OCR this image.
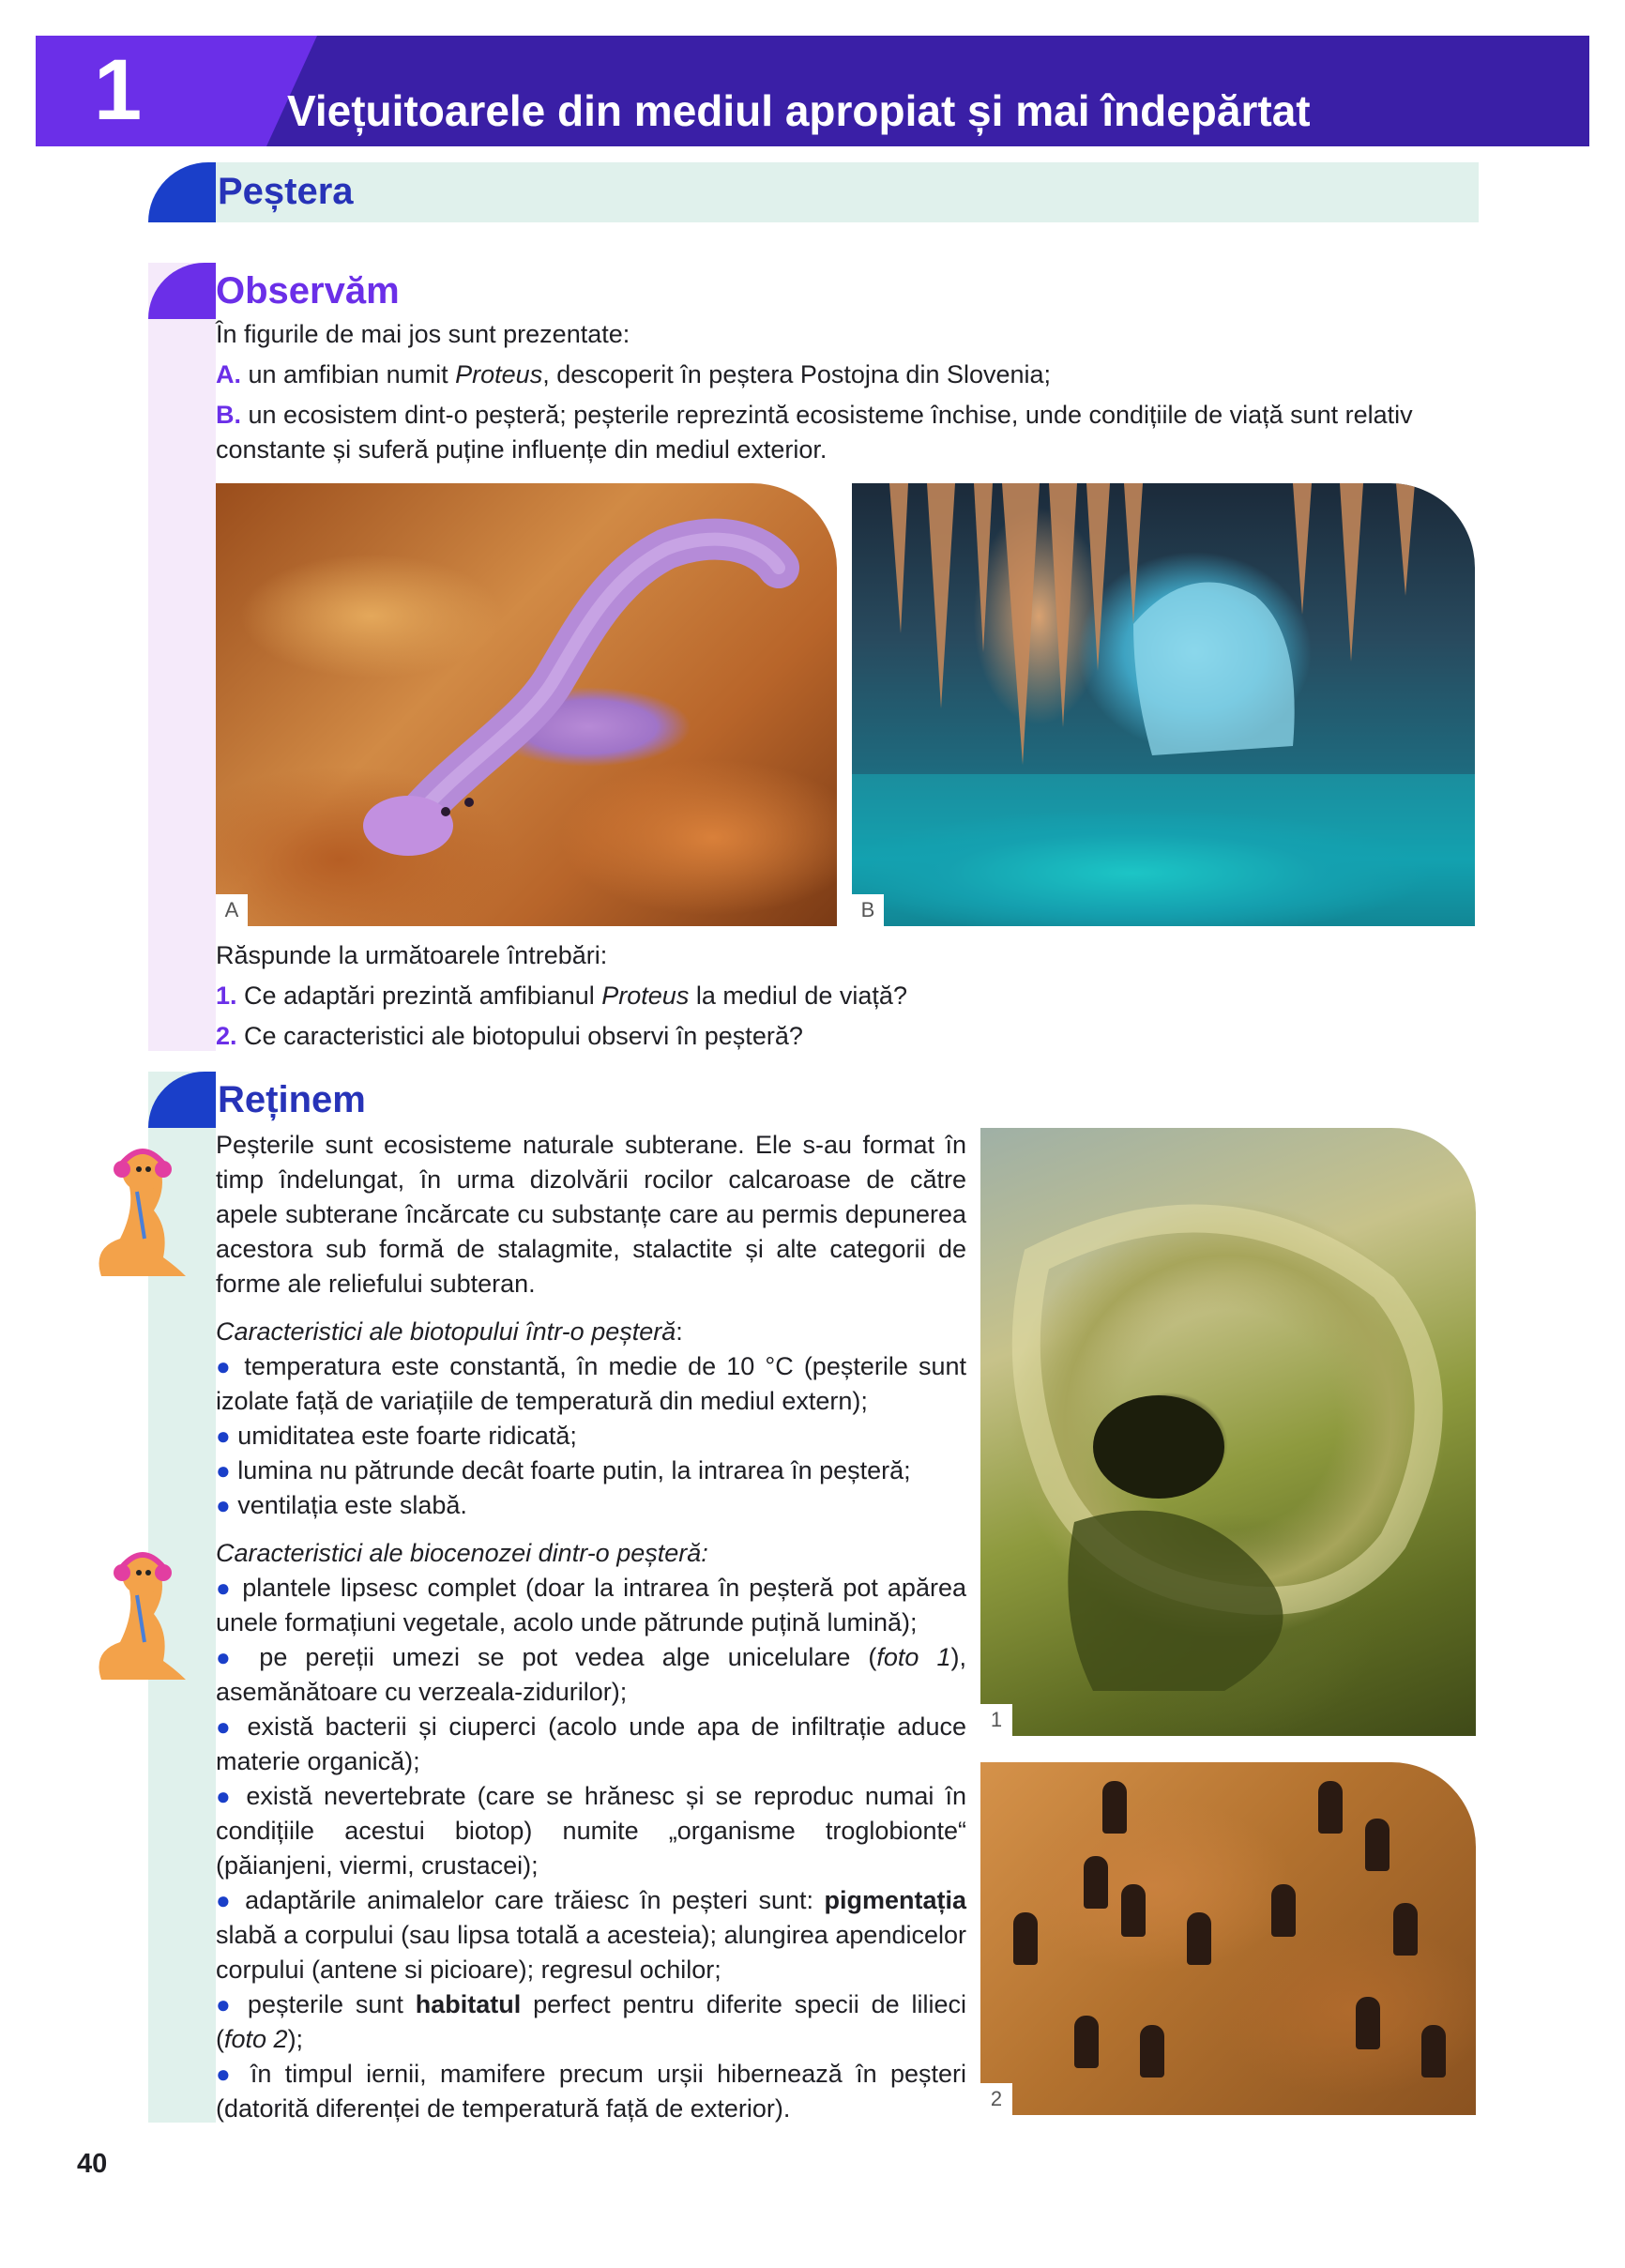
1	Viețuitoarele din mediul apropiat și mai îndepărtat
Peștera
Observăm
În figurile de mai jos sunt prezentate:
A. un amfibian numit Proteus, descoperit în peștera Postojna din Slovenia;
B. un ecosistem dint-o peșteră; peșterile reprezintă ecosisteme închise, unde condițiile de viață sunt relativ constante și suferă puține influențe din mediul exterior.
A	B
Răspunde la următoarele întrebări:
1. Ce adaptări prezintă amfibianul Proteus la mediul de viață?
2. Ce caracteristici ale biotopului observi în peșteră?
Reținem
Peșterile sunt ecosisteme naturale subterane. Ele s-au format în timp îndelungat, în urma dizolvării rocilor calcaroase de către apele subterane încărcate cu substanțe care au permis depunerea acestora sub formă de stalagmite, stalactite și alte categorii de forme ale reliefului subteran.
Caracteristici ale biotopului într-o peșteră:
● temperatura este constantă, în medie de 10 °C (peșterile sunt izolate față de variațiile de temperatură din mediul extern);
● umiditatea este foarte ridicată;
● lumina nu pătrunde decât foarte putin, la intrarea în peșteră;
● ventilația este slabă.
Caracteristici ale biocenozei dintr-o peșteră:
● plantele lipsesc complet (doar la intrarea în peșteră pot apărea unele formațiuni vegetale, acolo unde pătrunde puțină lumină);
● pe pereții umezi se pot vedea alge unicelulare (foto 1), asemănătoare cu verzeala-zidurilor);
● există bacterii și ciuperci (acolo unde apa de infiltrație aduce materie organică);
● există nevertebrate (care se hrănesc și se reproduc numai în condițiile acestui biotop) numite „organisme troglobionte“ (păianjeni, viermi, crustacei);
● adaptările animalelor care trăiesc în peșteri sunt: pigmentația slabă a corpului (sau lipsa totală a acesteia); alungirea apendicelor corpului (antene si picioare); regresul ochilor;
● peșterile sunt habitatul perfect pentru diferite specii de lilieci (foto 2);
● în timpul iernii, mamifere precum urșii hibernează în peșteri (datorită diferenței de temperatură față de exterior).
1
2
40
